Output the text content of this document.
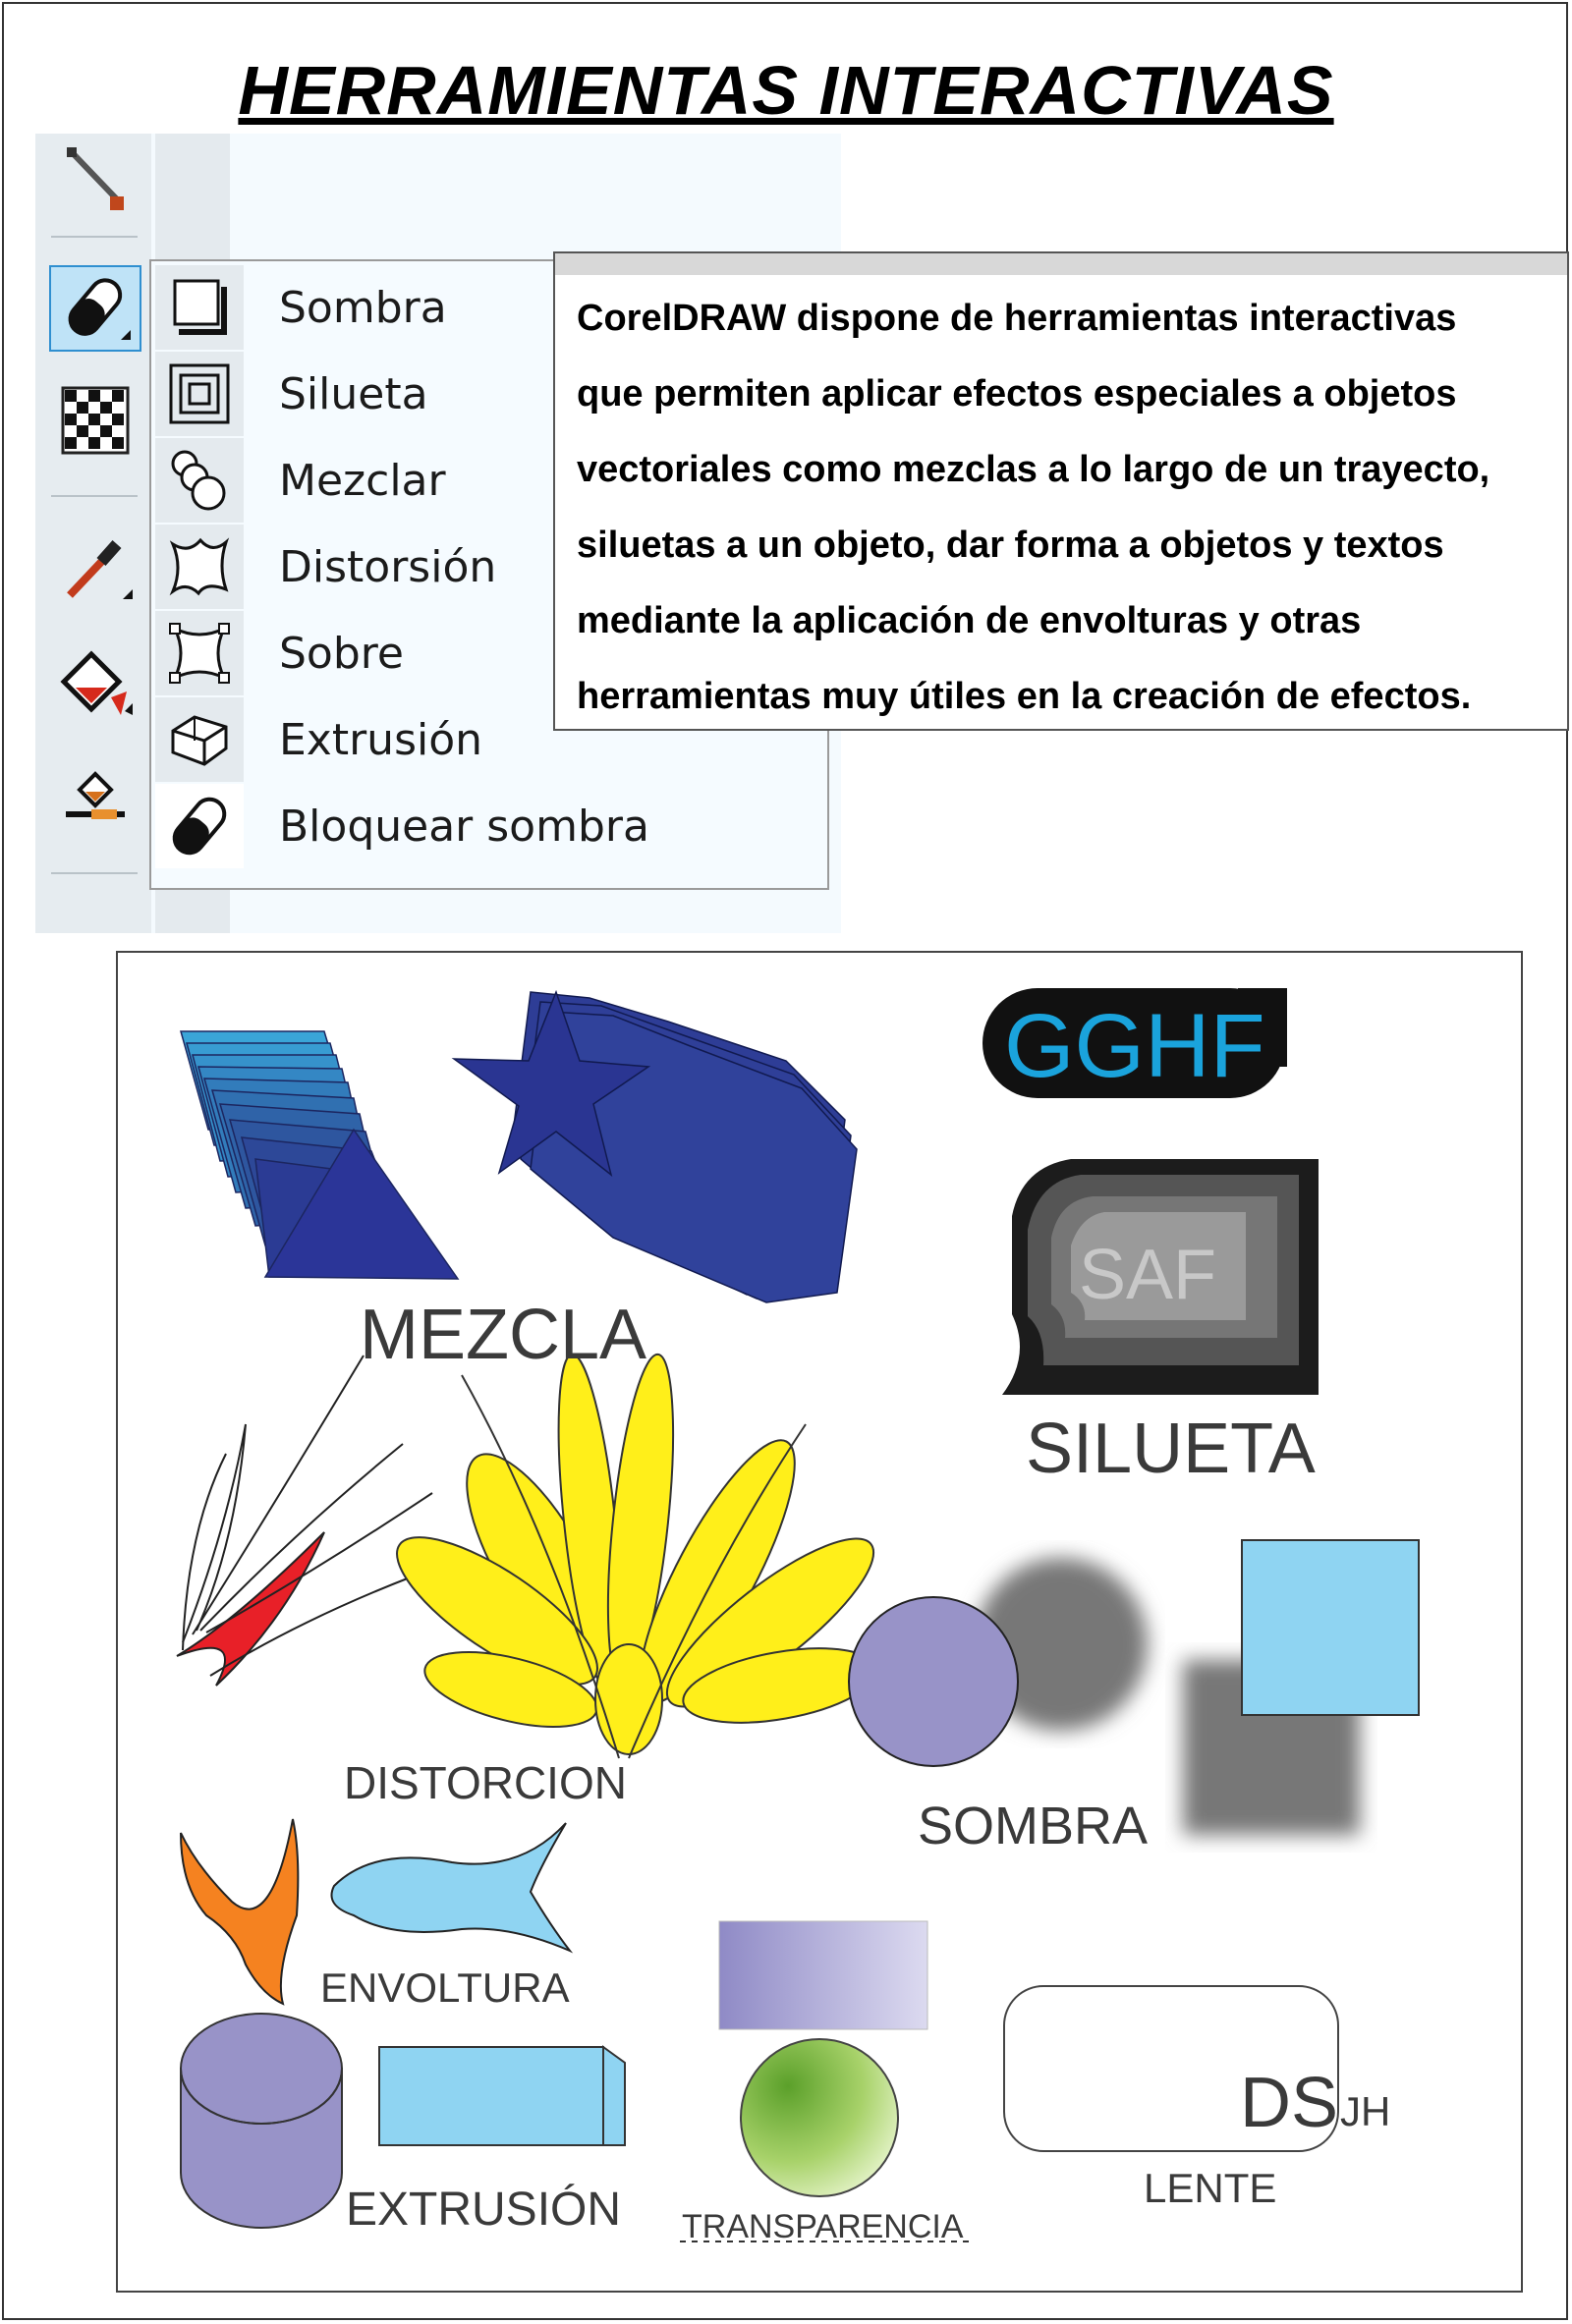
HERRAMIENTAS INTERACTIVAS
Sombra
Silueta
Mezclar
Distorsión
Sobre
Extrusión
Bloquear sombra
CorelDRAW dispone de herramientas interactivas
que permiten aplicar efectos especiales a objetos
vectoriales como mezclas a lo largo de un trayecto,
siluetas a un objeto, dar forma a objetos y textos
mediante la aplicación de envolturas y otras
herramientas muy útiles en la creación de efectos.
GGHF
SAF
MEZCLA
SILUETA
DISTORCION
SOMBRA
ENVOLTURA
EXTRUSIÓN TRANSPARENCIA
LENTE
DS JH
